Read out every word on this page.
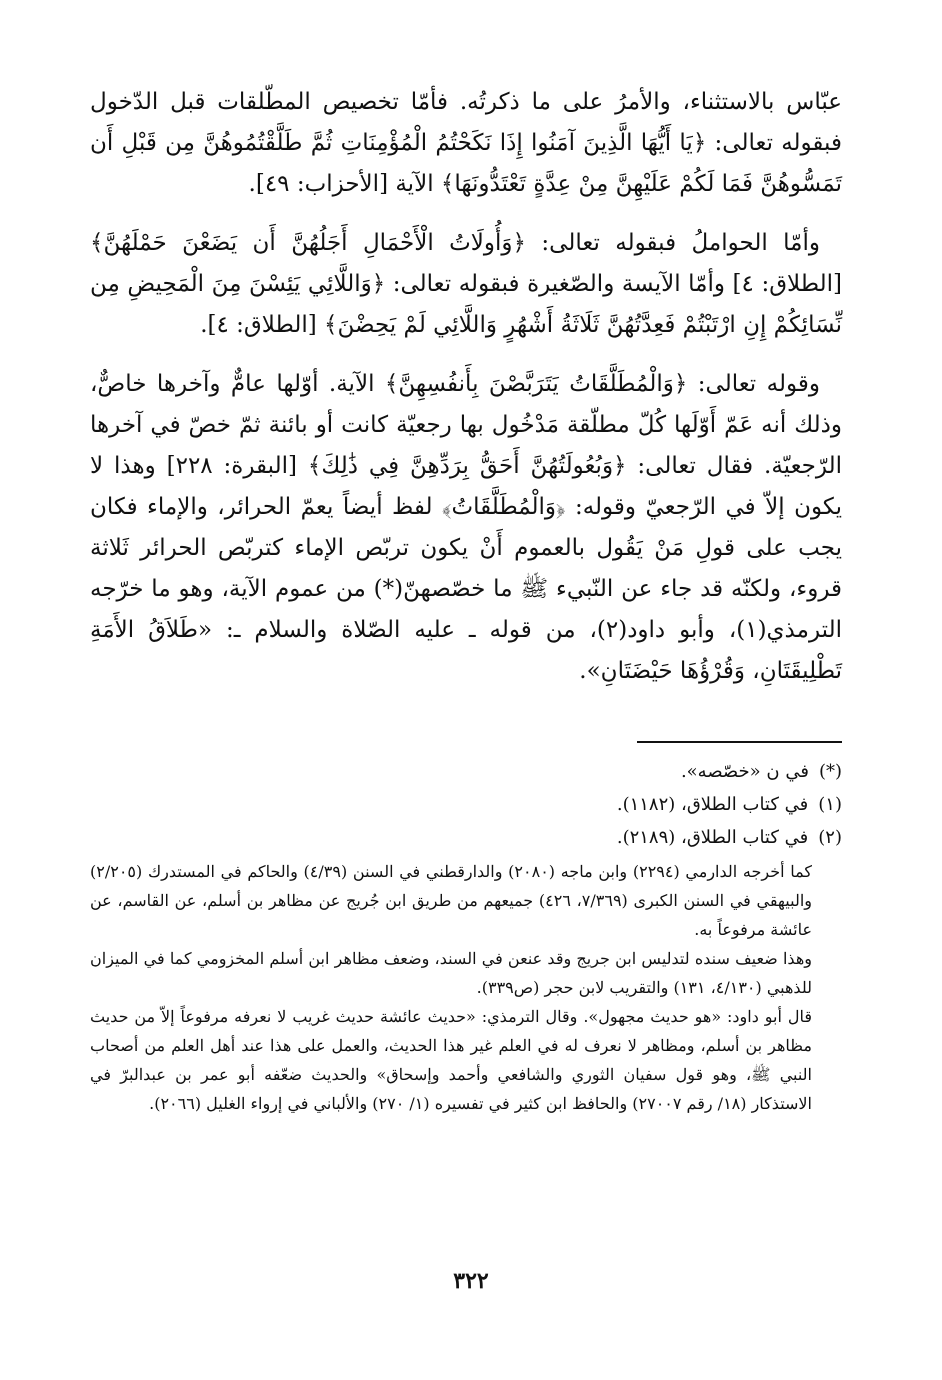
عبّاس بالاستثناء، والأمرُ على ما ذكرتُه. فأمّا تخصيص المطّلقات قبل الدّخول فبقوله تعالى: ﴿يَا أَيُّهَا الَّذِينَ آمَنُوا إِذَا نَكَحْتُمُ الْمُؤْمِنَاتِ ثُمَّ طَلَّقْتُمُوهُنَّ مِن قَبْلِ أَن تَمَسُّوهُنَّ فَمَا لَكُمْ عَلَيْهِنَّ مِنْ عِدَّةٍ تَعْتَدُّونَهَا﴾ الآية [الأحزاب: ٤٩].

وأمّا الحواملُ فبقوله تعالى: ﴿وَأُولَاتُ الْأَحْمَالِ أَجَلُهُنَّ أَن يَضَعْنَ حَمْلَهُنَّ﴾ [الطلاق: ٤] وأمّا الآيسة والصّغيرة فبقوله تعالى: ﴿وَاللَّائِي يَئِسْنَ مِنَ الْمَحِيضِ مِن نِّسَائِكُمْ إِنِ ارْتَبْتُمْ فَعِدَّتُهُنَّ ثَلَاثَةُ أَشْهُرٍ وَاللَّائِي لَمْ يَحِضْنَ﴾ [الطلاق: ٤].

وقوله تعالى: ﴿وَالْمُطَلَّقَاتُ يَتَرَبَّصْنَ بِأَنفُسِهِنَّ﴾ الآية. أوّلها عامٌّ وآخرها خاصٌّ، وذلك أنه عَمّ أَوّلَها كُلّ مطلّقة مَدْخُول بها رجعيّة كانت أو بائنة ثمّ خصّ في آخرها الرّجعيّة. فقال تعالى: ﴿وَبُعُولَتُهُنَّ أَحَقُّ بِرَدِّهِنَّ فِي ذَٰلِكَ﴾ [البقرة: ٢٢٨] وهذا لا يكون إلاّ في الرّجعيّ وقوله: ﴿وَالْمُطَلَّقَاتُ﴾ لفظ أيضاً يعمّ الحرائر، والإماء فكان يجب على قولِ مَنْ يَقُول بالعموم أَنْ يكون تربّص الإماء كتربّص الحرائر ثَلاثة قروء، ولكنّه قد جاء عن النّبيء ﷺ ما خصّصهنّ(*) من عموم الآية، وهو ما خرّجه الترمذي(١)، وأبو داود(٢)، من قوله ـ عليه الصّلاة والسلام ـ: «طَلاَقُ الأَمَةِ تَطْلِيقَتَانِ، وَقُرْؤُهَا حَيْضَتَانِ».

(*)في ن «خصّصه».
(١)في كتاب الطلاق، (١١٨٢).
(٢)في كتاب الطلاق، (٢١٨٩).

كما أخرجه الدارمي (٢٢٩٤) وابن ماجه (٢٠٨٠) والدارقطني في السنن (٤/٣٩) والحاكم في المستدرك (٢/٢٠٥) والبيهقي في السنن الكبرى (٧/٣٦٩، ٤٢٦) جميعهم من طريق ابن جُريج عن مظاهر بن أسلم، عن القاسم، عن عائشة مرفوعاً به.

وهذا ضعيف سنده لتدليس ابن جريج وقد عنعن في السند، وضعف مظاهر ابن أسلم المخزومي كما في الميزان للذهبي (٤/١٣٠، ١٣١) والتقريب لابن حجر (ص٣٣٩).

قال أبو داود: «هو حديث مجهول». وقال الترمذي: «حديث عائشة حديث غريب لا نعرفه مرفوعاً إلاّ من حديث مظاهر بن أسلم، ومظاهر لا نعرف له في العلم غير هذا الحديث، والعمل على هذا عند أهل العلم من أصحاب النبي ﷺ، وهو قول سفيان الثوري والشافعي وأحمد وإسحاق» والحديث ضعّفه أبو عمر بن عبدالبرّ في الاستذكار (١٨/ رقم ٢٧٠٠٧) والحافظ ابن كثير في تفسيره (١/ ٢٧٠) والألباني في إرواء الغليل (٢٠٦٦).

٣٢٢
